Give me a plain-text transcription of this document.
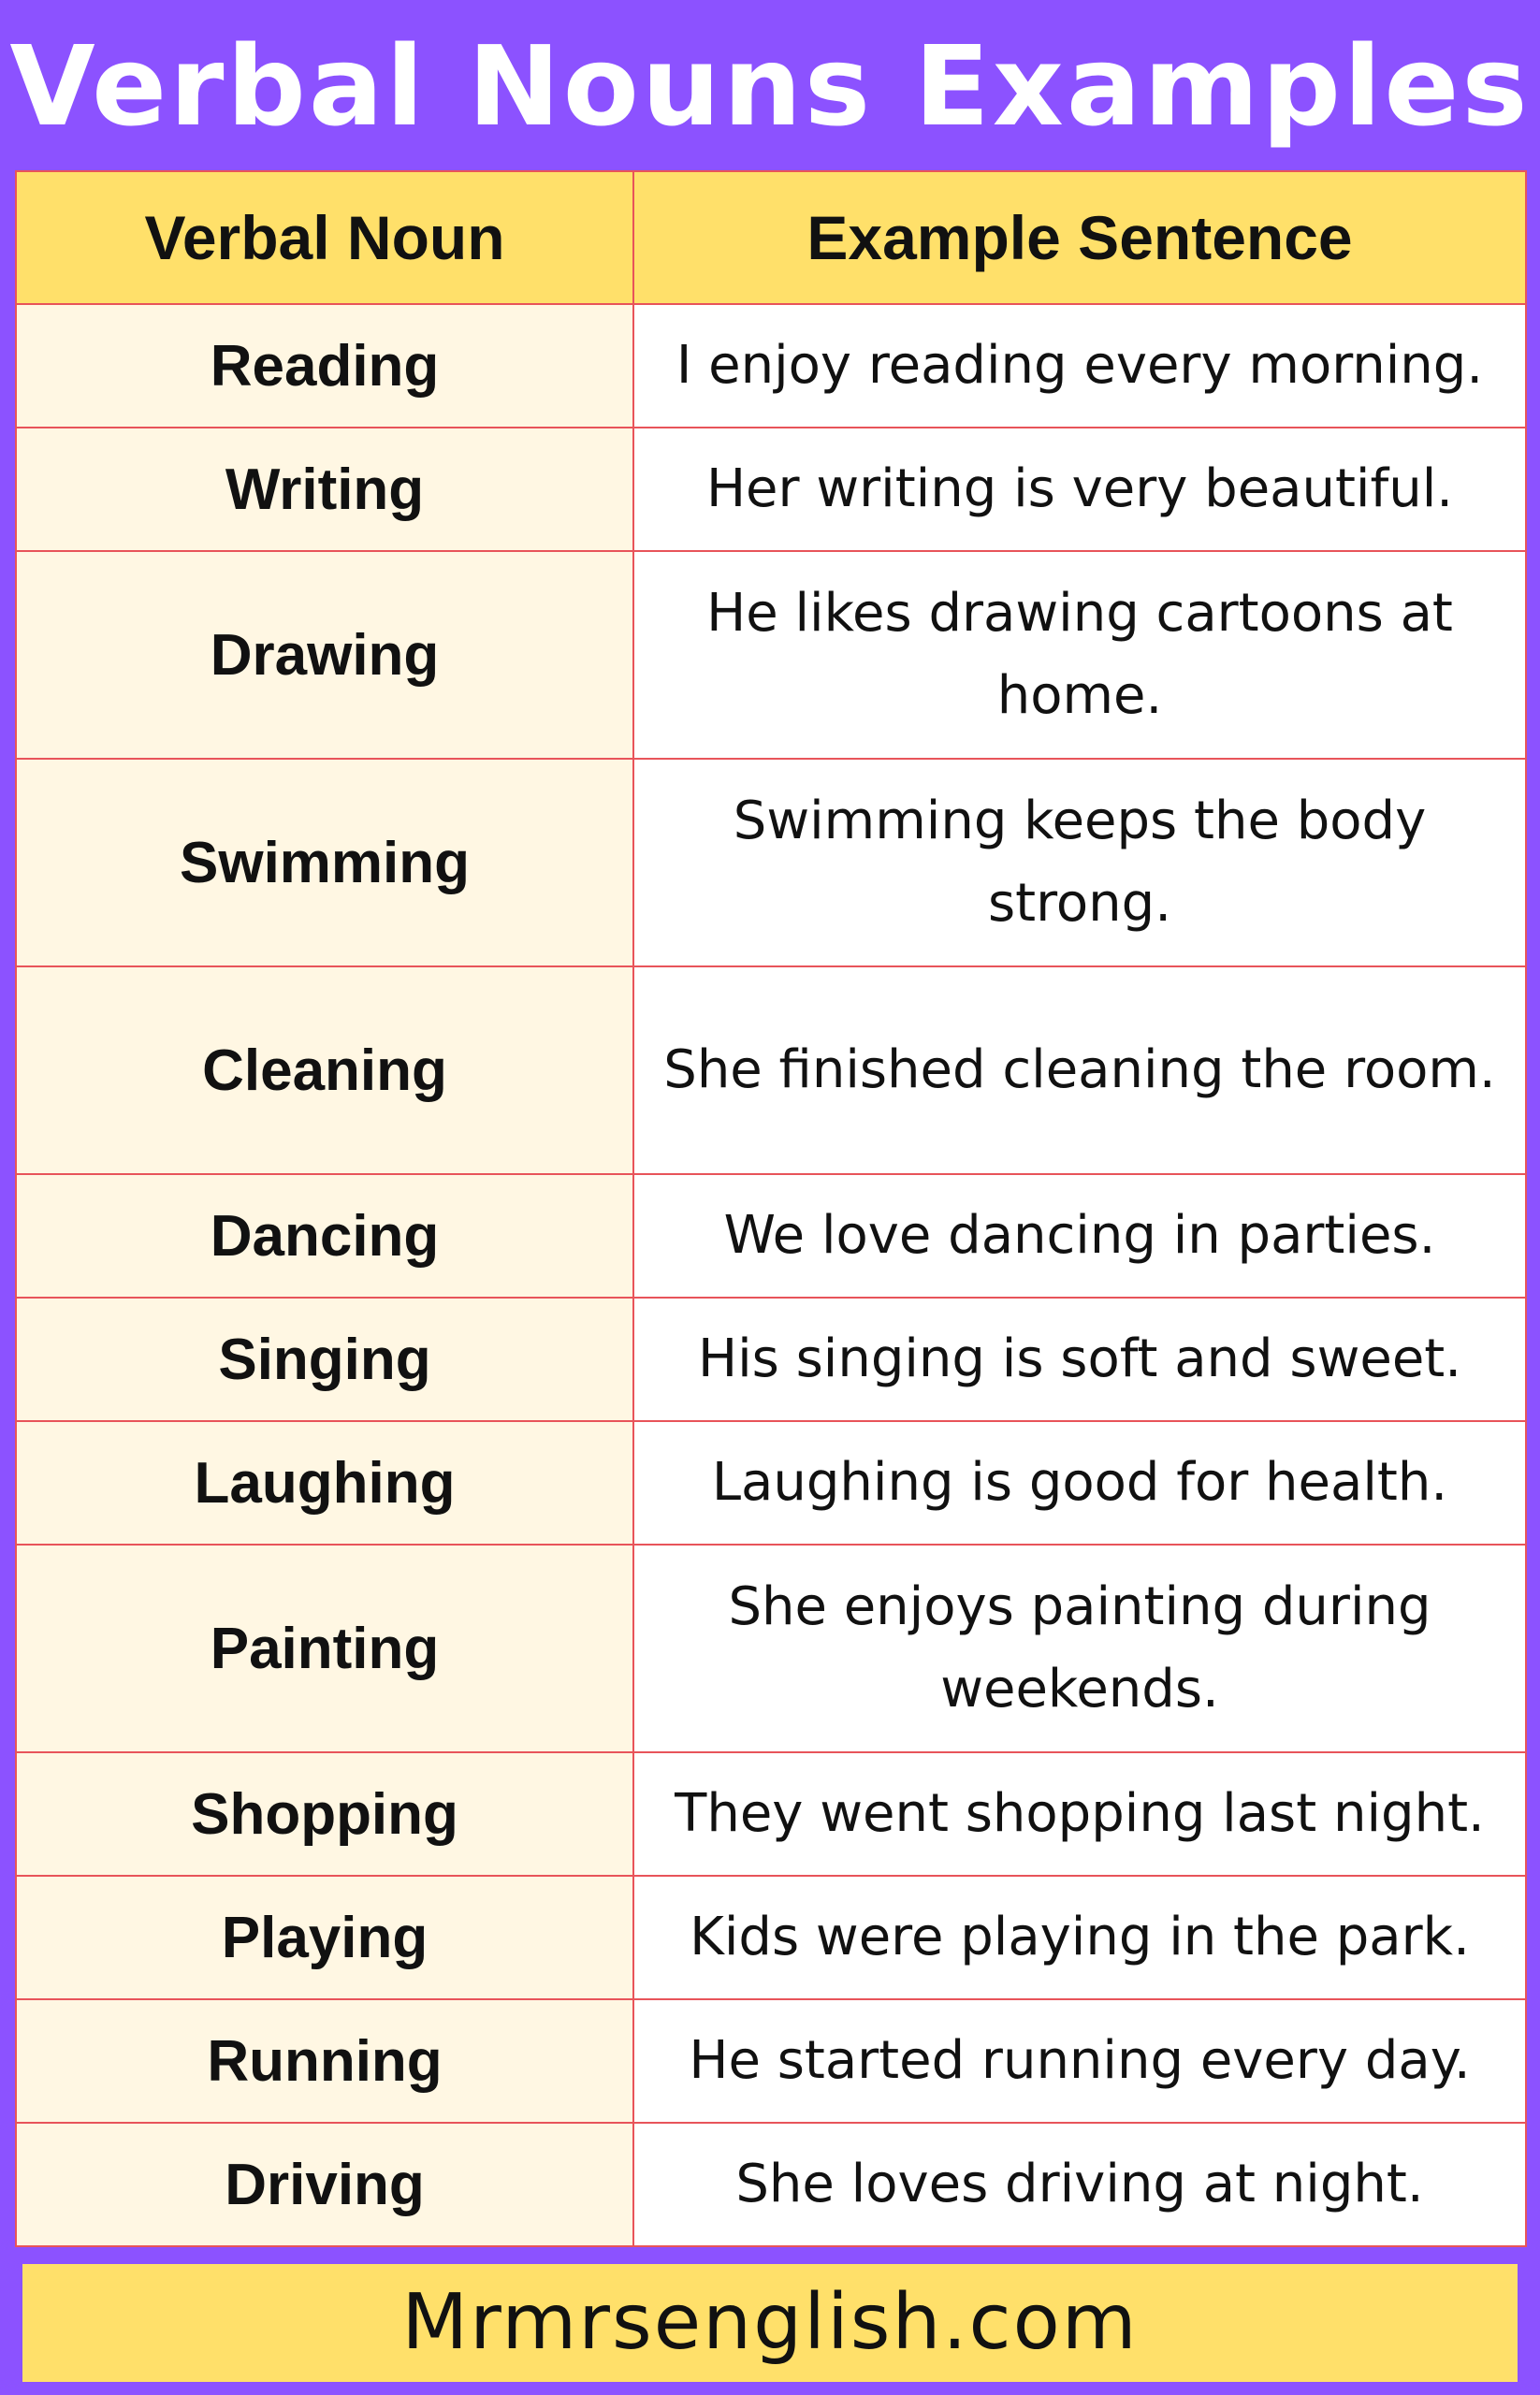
Verbal Nouns Examples
Verbal Noun	Example Sentence
Reading	I enjoy reading every morning.
Writing	Her writing is very beautiful.
Drawing	He likes drawing cartoons at home.
Swimming	Swimming keeps the body strong.
Cleaning	She finished cleaning the room.
Dancing	We love dancing in parties.
Singing	His singing is soft and sweet.
Laughing	Laughing is good for health.
Painting	She enjoys painting during weekends.
Shopping	They went shopping last night.
Playing	Kids were playing in the park.
Running	He started running every day.
Driving	She loves driving at night.
Mrmrsenglish.com
